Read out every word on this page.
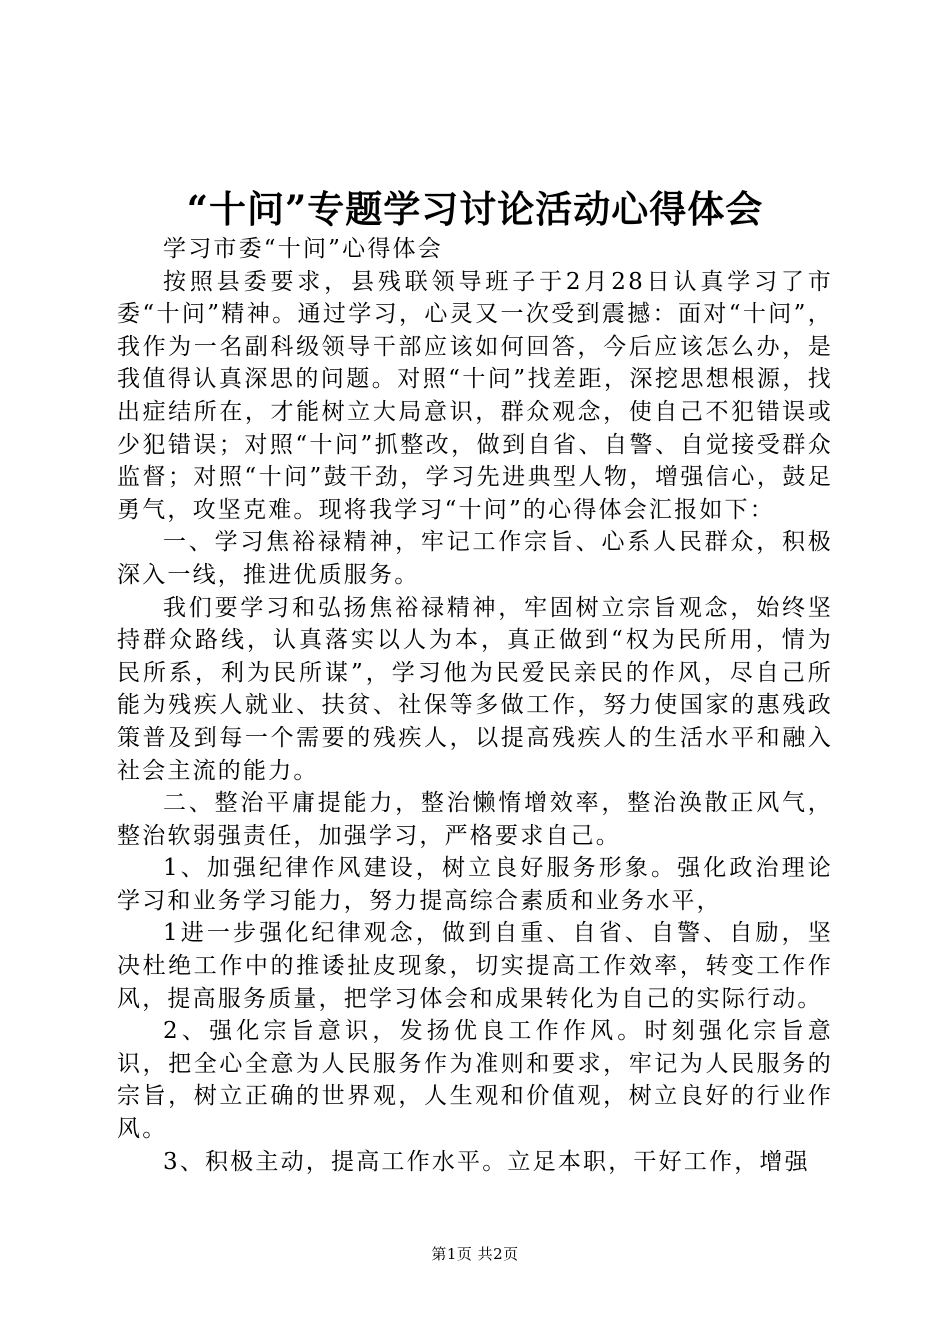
“十问”专题学习讨论活动心得体会

学习市委“十问”心得体会

按照县委要求，县残联领导班子于2月28日认真学习了市委“十问”精神。通过学习，心灵又一次受到震撼：面对“十问”，我作为一名副科级领导干部应该如何回答，今后应该怎么办，是我值得认真深思的问题。对照“十问”找差距，深挖思想根源，找出症结所在，才能树立大局意识，群众观念，使自己不犯错误或少犯错误；对照“十问”抓整改，做到自省、自警、自觉接受群众监督；对照“十问”鼓干劲，学习先进典型人物，增强信心，鼓足勇气，攻坚克难。现将我学习“十问”的心得体会汇报如下：

一、学习焦裕禄精神，牢记工作宗旨、心系人民群众，积极深入一线，推进优质服务。

我们要学习和弘扬焦裕禄精神，牢固树立宗旨观念，始终坚持群众路线，认真落实以人为本，真正做到“权为民所用，情为民所系，利为民所谋”，学习他为民爱民亲民的作风，尽自己所能为残疾人就业、扶贫、社保等多做工作，努力使国家的惠残政策普及到每一个需要的残疾人，以提高残疾人的生活水平和融入社会主流的能力。

二、整治平庸提能力，整治懒惰增效率，整治涣散正风气，整治软弱强责任，加强学习，严格要求自己。

1、加强纪律作风建设，树立良好服务形象。强化政治理论学习和业务学习能力，努力提高综合素质和业务水平，

1进一步强化纪律观念，做到自重、自省、自警、自励，坚决杜绝工作中的推诿扯皮现象，切实提高工作效率，转变工作作风，提高服务质量，把学习体会和成果转化为自己的实际行动。

2、强化宗旨意识，发扬优良工作作风。时刻强化宗旨意识，把全心全意为人民服务作为准则和要求，牢记为人民服务的宗旨，树立正确的世界观，人生观和价值观，树立良好的行业作风。

3、积极主动，提高工作水平。立足本职，干好工作，增强

第1页 共2页
